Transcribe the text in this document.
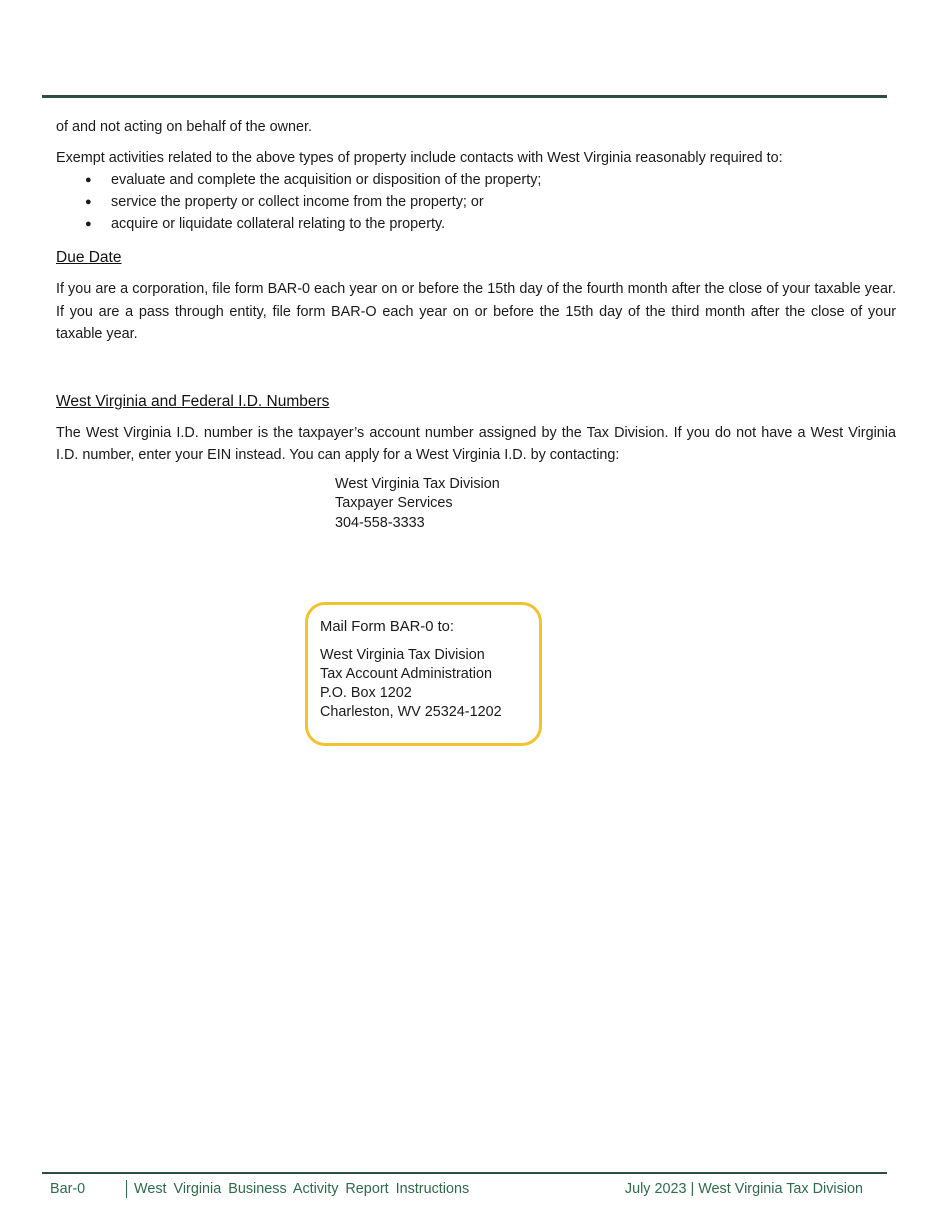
of and not acting on behalf of the owner.

Exempt activities related to the above types of property include contacts with West Virginia reasonably required to:

● evaluate and complete the acquisition or disposition of the property;
● service the property or collect income from the property; or
● acquire or liquidate collateral relating to the property.
Due Date

If you are a corporation, file form BAR-0 each year on or before the 15th day of the fourth month after the close of your taxable year. If you are a pass through entity, file form BAR-O each year on or before the 15th day of the third month after the close of your taxable year.

West Virginia and Federal I.D. Numbers

The West Virginia I.D. number is the taxpayer’s account number assigned by the Tax Division. If you do not have a West Virginia I.D. number, enter your EIN instead. You can apply for a West Virginia I.D. by contacting:

West Virginia Tax Division
Taxpayer Services
304-558-3333

Mail Form BAR-0 to:

West Virginia Tax Division
Tax Account Administration
P.O. Box 1202
Charleston, WV 25324-1202
Bar-0	West Virginia Business Activity Report Instructions	July 2023 | West Virginia Tax Division
